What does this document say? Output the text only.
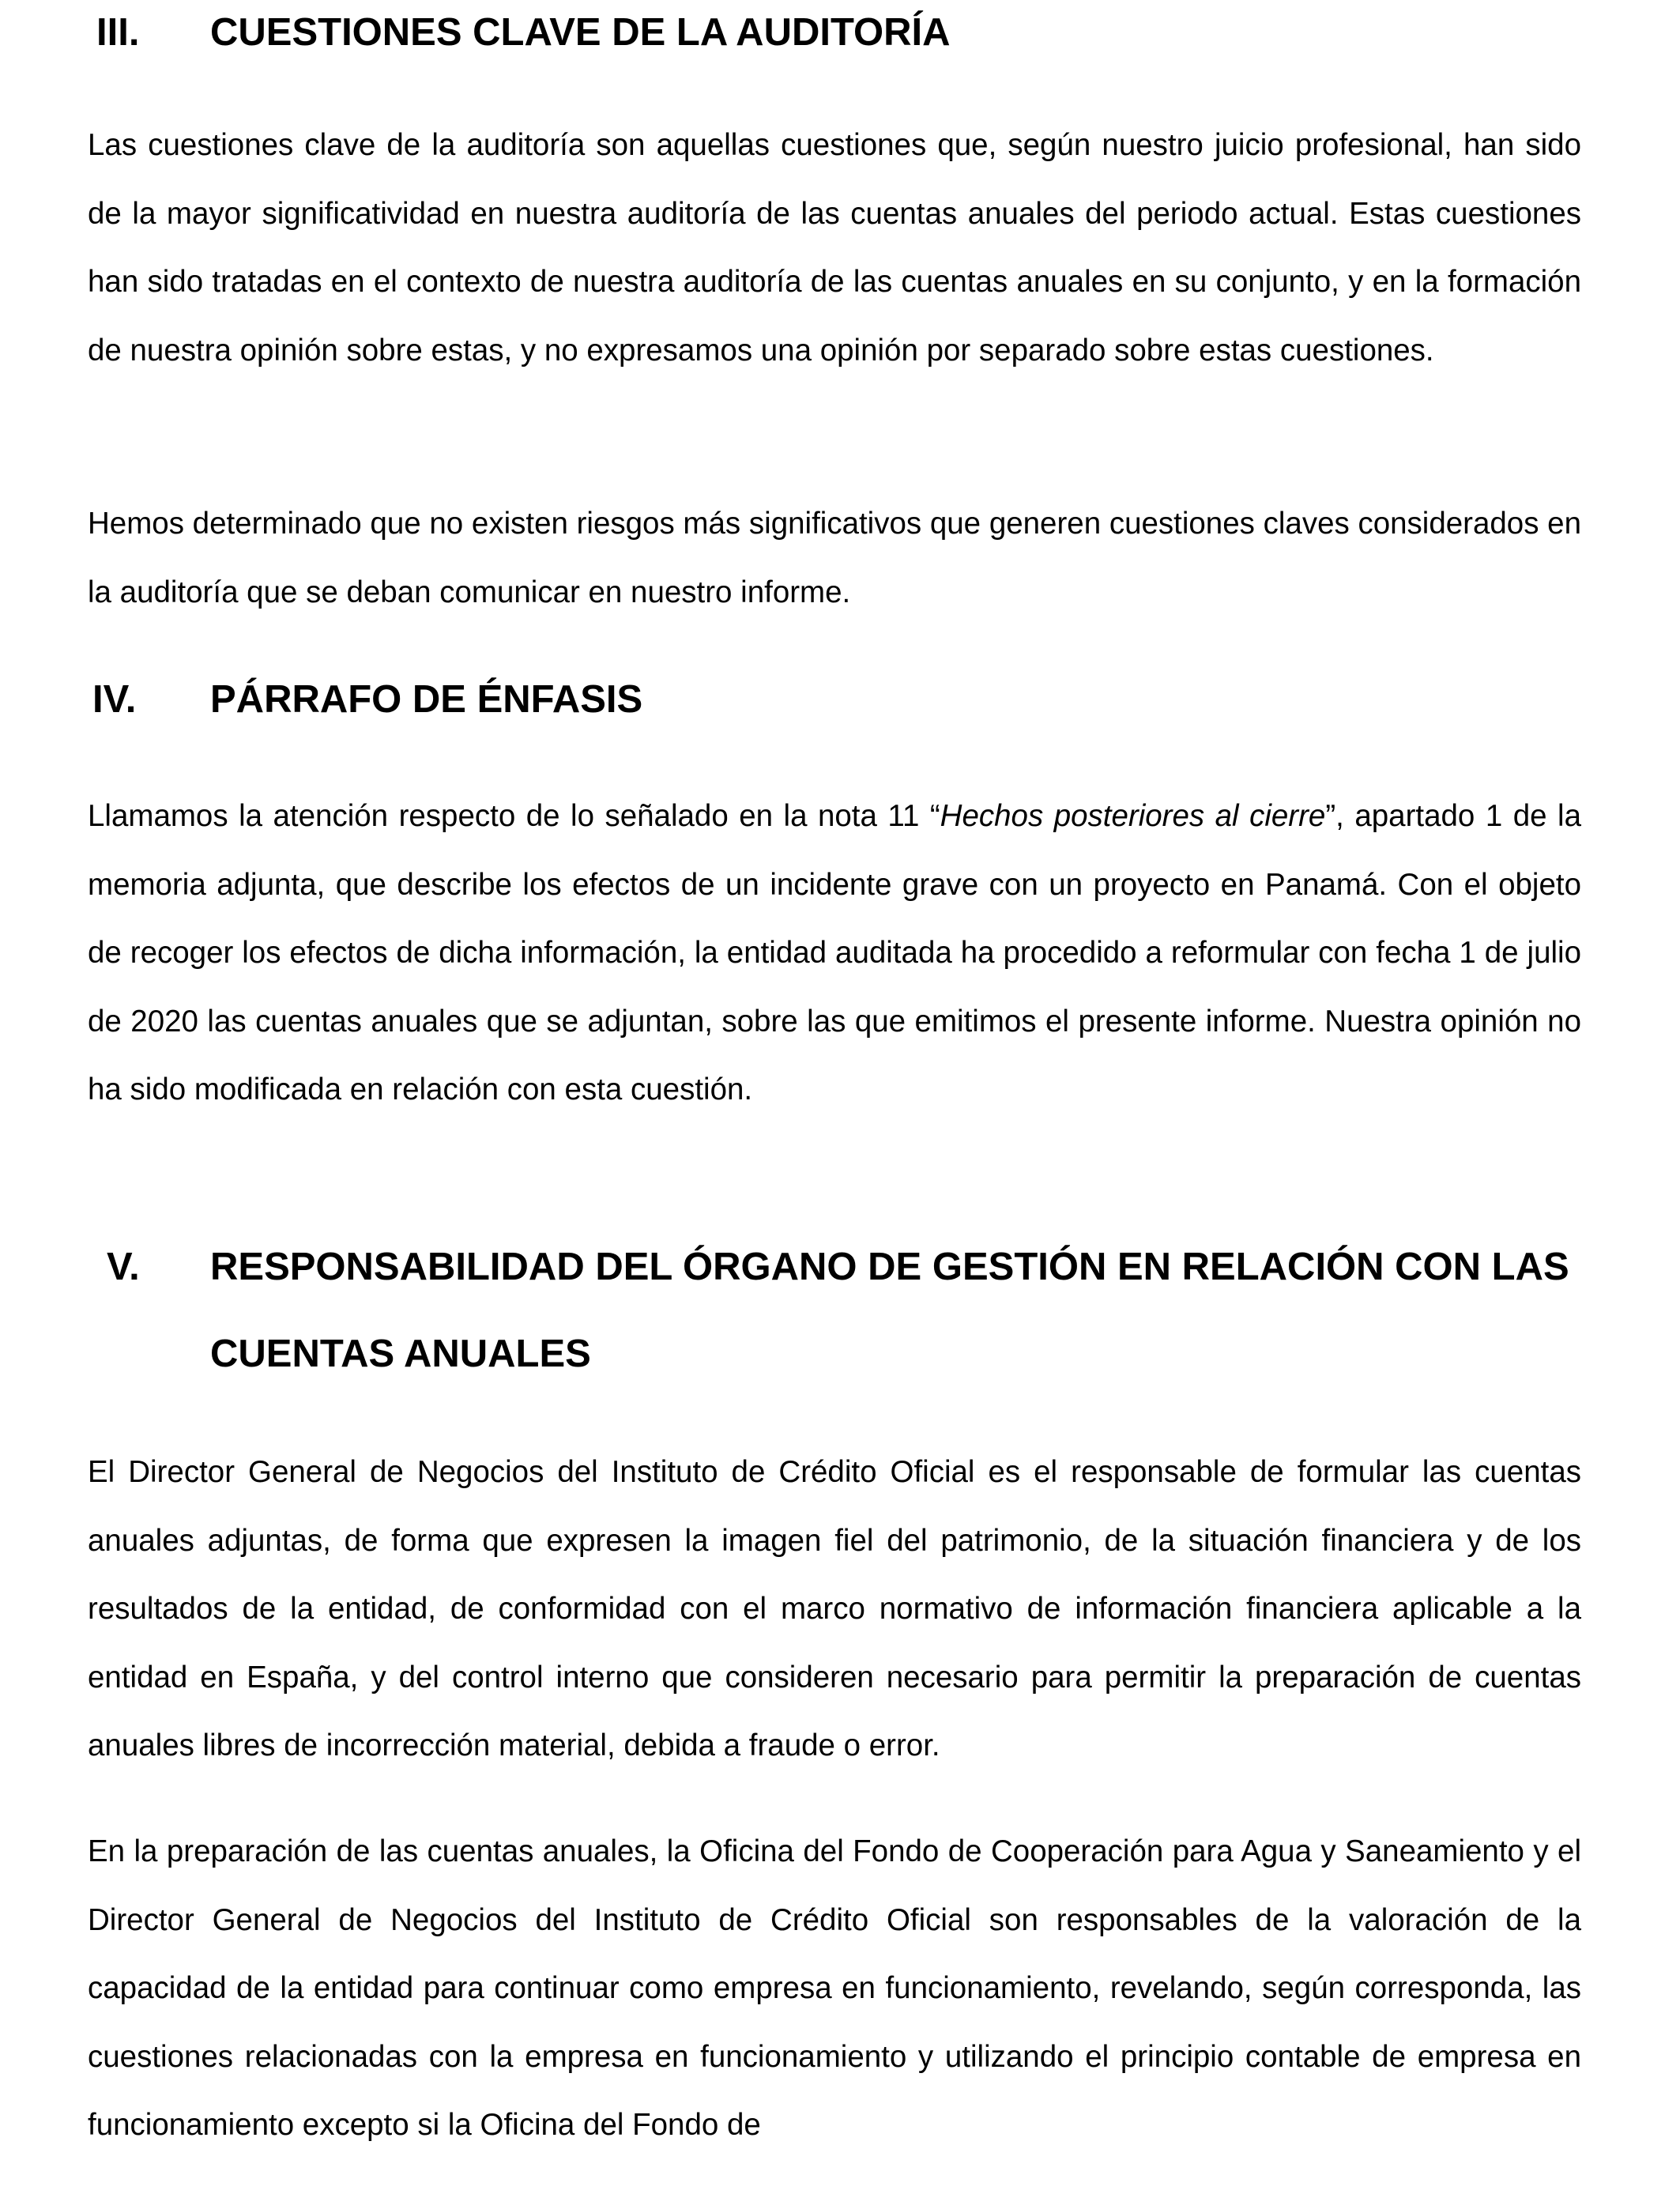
III. CUESTIONES CLAVE DE LA AUDITORÍA

Las cuestiones clave de la auditoría son aquellas cuestiones que, según nuestro juicio profesional, han sido de la mayor significatividad en nuestra auditoría de las cuentas anuales del periodo actual. Estas cuestiones han sido tratadas en el contexto de nuestra auditoría de las cuentas anuales en su conjunto, y en la formación de nuestra opinión sobre estas, y no expresamos una opinión por separado sobre estas cuestiones.

Hemos determinado que no existen riesgos más significativos que generen cuestiones claves considerados en la auditoría que se deban comunicar en nuestro informe.

IV. PÁRRAFO DE ÉNFASIS

Llamamos la atención respecto de lo señalado en la nota 11 “Hechos posteriores al cierre”, apartado 1 de la memoria adjunta, que describe los efectos de un incidente grave con un proyecto en Panamá. Con el objeto de recoger los efectos de dicha información, la entidad auditada ha procedido a reformular con fecha 1 de julio de 2020 las cuentas anuales que se adjuntan, sobre las que emitimos el presente informe. Nuestra opinión no ha sido modificada en relación con esta cuestión.

V. RESPONSABILIDAD DEL ÓRGANO DE GESTIÓN EN RELACIÓN CON LAS CUENTAS ANUALES

El Director General de Negocios del Instituto de Crédito Oficial es el responsable de formular las cuentas anuales adjuntas, de forma que expresen la imagen fiel del patrimonio, de la situación financiera y de los resultados de la entidad, de conformidad con el marco normativo de información financiera aplicable a la entidad en España, y del control interno que consideren necesario para permitir la preparación de cuentas anuales libres de incorrección material, debida a fraude o error.

En la preparación de las cuentas anuales, la Oficina del Fondo de Cooperación para Agua y Saneamiento y el Director General de Negocios del Instituto de Crédito Oficial son responsables de la valoración de la capacidad de la entidad para continuar como empresa en funcionamiento, revelando, según corresponda, las cuestiones relacionadas con la empresa en funcionamiento y utilizando el principio contable de empresa en funcionamiento excepto si la Oficina del Fondo de
